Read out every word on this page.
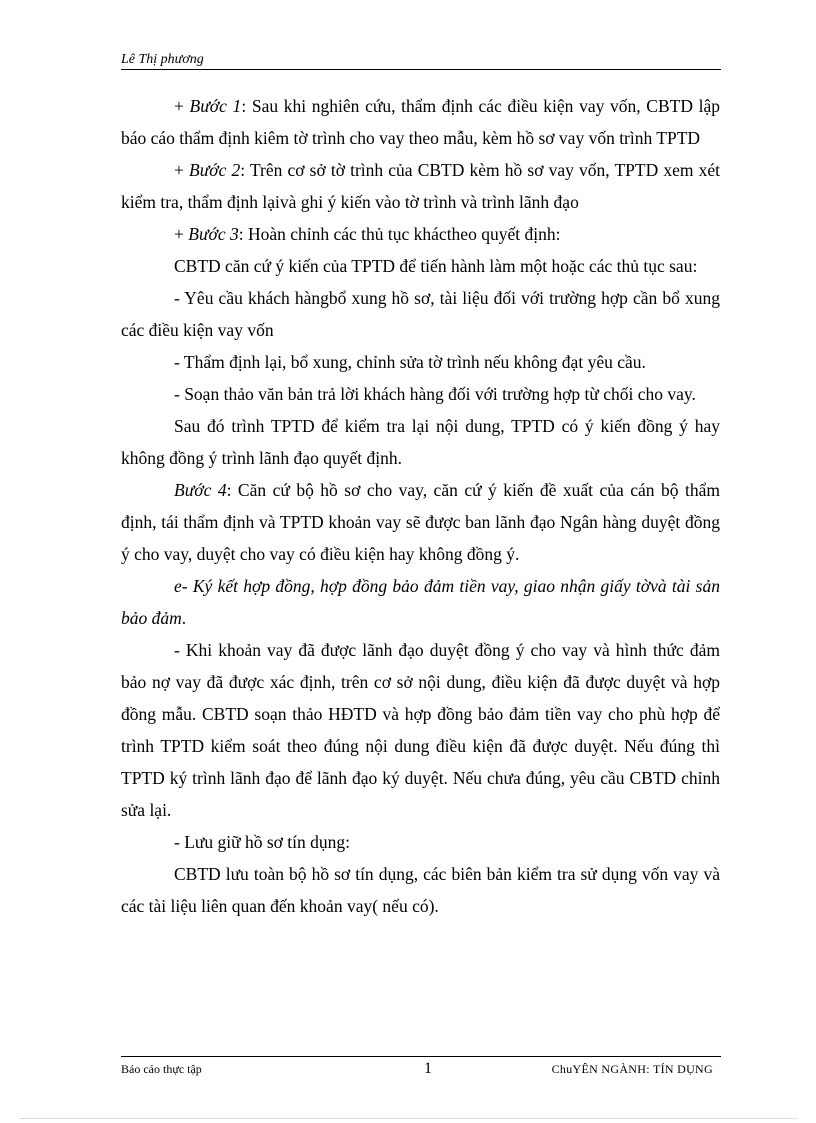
Lê Thị phương

+ Bước 1: Sau khi nghiên cứu, thẩm định các điều kiện vay vốn, CBTD lập báo cáo thẩm định kiêm tờ trình cho vay theo mẫu, kèm hồ sơ vay vốn trình TPTD

+ Bước 2: Trên cơ sở tờ trình của CBTD kèm hồ sơ vay vốn, TPTD xem xét kiểm tra, thẩm định lạivà ghi ý kiến vào tờ trình và trình lãnh đạo

+ Bước 3: Hoàn chỉnh các thủ tục kháctheo quyết định:

CBTD căn cứ ý kiến của TPTD để tiến hành làm một hoặc các thủ tục sau:

- Yêu cầu khách hàngbổ xung hồ sơ, tài liệu đối với trường hợp cần bổ xung các điều kiện vay vốn

- Thẩm định lại, bổ xung, chỉnh sửa tờ trình nếu không đạt yêu cầu.

- Soạn thảo văn bản trả lời khách hàng đối với trường hợp từ chối cho vay.

Sau đó trình TPTD để kiểm tra lại nội dung, TPTD có ý kiến đồng ý hay không đồng ý trình lãnh đạo quyết định.

Bước 4: Căn cứ bộ hồ sơ cho vay, căn cứ ý kiến đề xuất của cán bộ thẩm định, tái thẩm định và TPTD khoản vay sẽ được ban lãnh đạo Ngân hàng duyệt đồng ý cho vay, duyệt cho vay có điều kiện hay không đồng ý.

e- Ký kết hợp đồng, hợp đồng bảo đảm tiền vay, giao nhận giấy tờvà tài sản bảo đảm.

- Khi khoản vay đã được lãnh đạo duyệt đồng ý cho vay và hình thức đảm bảo nợ vay đã được xác định, trên cơ sở nội dung, điều kiện đã được duyệt và hợp đồng mẫu. CBTD soạn thảo HĐTD và hợp đồng bảo đảm tiền vay cho phù hợp để trình TPTD kiểm soát theo đúng nội dung điều kiện đã được duyệt. Nếu đúng thì TPTD ký trình lãnh đạo để lãnh đạo ký duyệt. Nếu chưa đúng, yêu cầu CBTD chỉnh sửa lại.

- Lưu giữ hồ sơ tín dụng:

CBTD lưu toàn bộ hồ sơ tín dụng, các biên bản kiểm tra sử dụng vốn vay và các tài liệu liên quan đến khoản vay( nếu có).

Báo cáo thực tập	1	ChuYÊN NGÀNH: TÍN DỤNG
